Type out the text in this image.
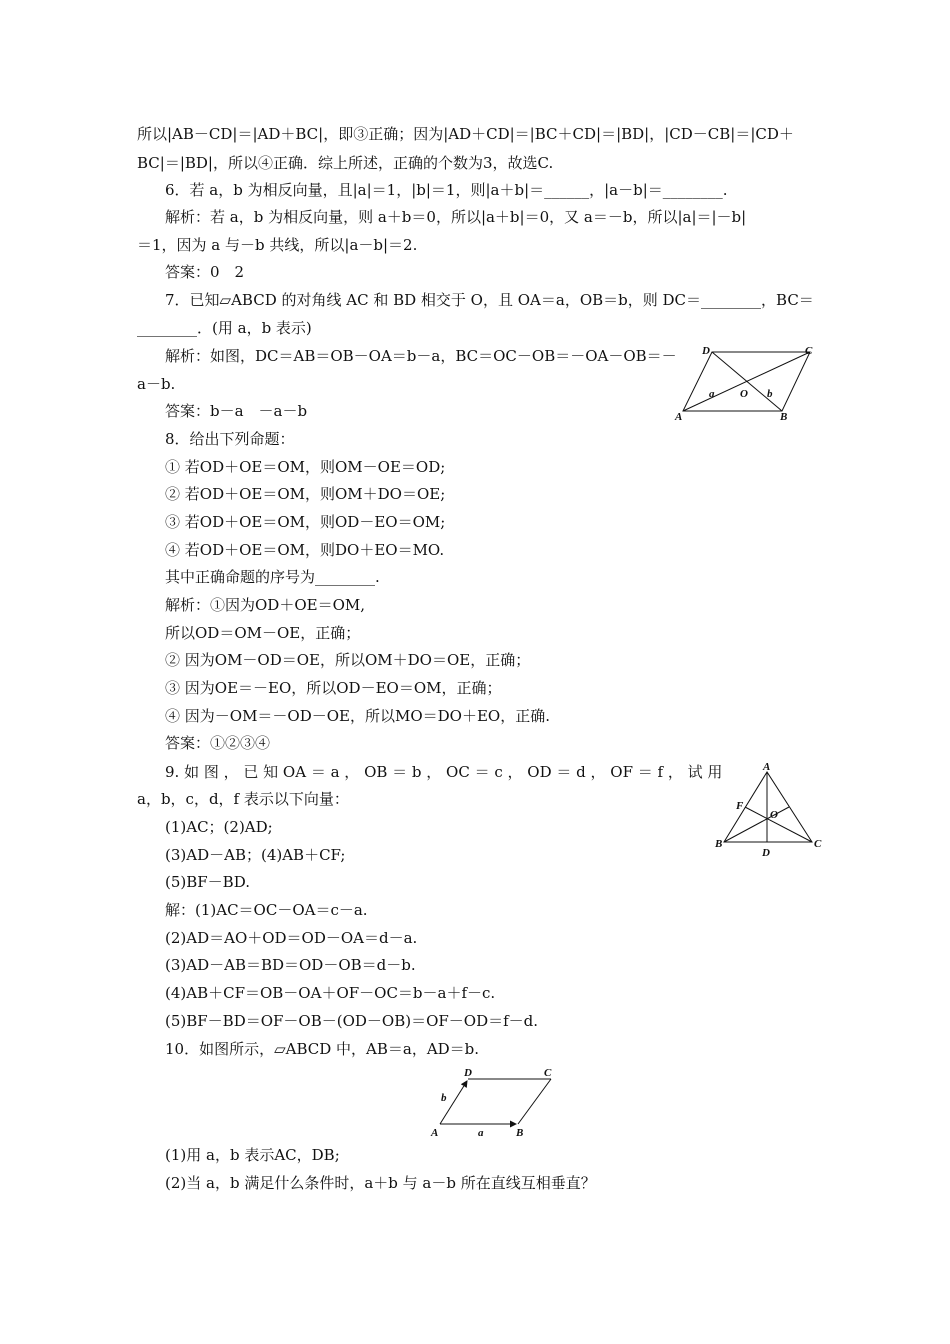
所以|AB－CD|＝|AD＋BC|，即③正确；因为|AD＋CD|＝|BC＋CD|＝|BD|，|CD－CB|＝|CD＋
BC|＝|BD|，所以④正确．综上所述，正确的个数为3，故选C.
6．若 a，b 为相反向量，且|a|＝1，|b|＝1，则|a＋b|＝______，|a－b|＝________.
解析：若 a，b 为相反向量，则 a＋b＝0，所以|a＋b|＝0，又 a＝－b，所以|a|＝|－b|
＝1，因为 a 与－b 共线，所以|a－b|＝2.
答案：0　2
7．已知▱ABCD 的对角线 AC 和 BD 相交于 O，且 OA＝a，OB＝b，则 DC＝________，BC＝
________．(用 a，b 表示)
解析：如图，DC＝AB＝OB－OA＝b－a，BC＝OC－OB＝－OA－OB＝－
a－b.
答案：b－a　－a－b
8．给出下列命题：
① 若OD＋OE＝OM，则OM－OE＝OD;
② 若OD＋OE＝OM，则OM＋DO＝OE;
③ 若OD＋OE＝OM，则OD－EO＝OM;
④ 若OD＋OE＝OM，则DO＋EO＝MO.
其中正确命题的序号为________.
解析：①因为OD＋OE＝OM,
所以OD＝OM－OE，正确；
② 因为OM－OD＝OE，所以OM＋DO＝OE，正确；
③ 因为OE＝－EO，所以OD－EO＝OM，正确；
④ 因为－OM＝－OD－OE，所以MO＝DO＋EO，正确.
答案：①②③④
9. 如 图 ， 已 知 OA ＝ a ， OB ＝ b ， OC ＝ c ， OD ＝ d ， OF ＝ f ， 试 用
a，b，c，d，f 表示以下向量：
(1)AC；(2)AD;
(3)AD－AB；(4)AB＋CF;
(5)BF－BD.
解：(1)AC＝OC－OA＝c－a.
(2)AD＝AO＋OD＝OD－OA＝d－a.
(3)AD－AB＝BD＝OD－OB＝d－b.
(4)AB＋CF＝OB－OA＋OF－OC＝b－a＋f－c.
(5)BF－BD＝OF－OB－(OD－OB)＝OF－OD＝f－d.
10．如图所示，▱ABCD 中，AB＝a，AD＝b.
(1)用 a，b 表示AC，DB;
(2)当 a，b 满足什么条件时，a＋b 与 a－b 所在直线互相垂直？
D	C
A	B
O
a	b
A
F
O
B
D
C
D	C
b
A	a	B
